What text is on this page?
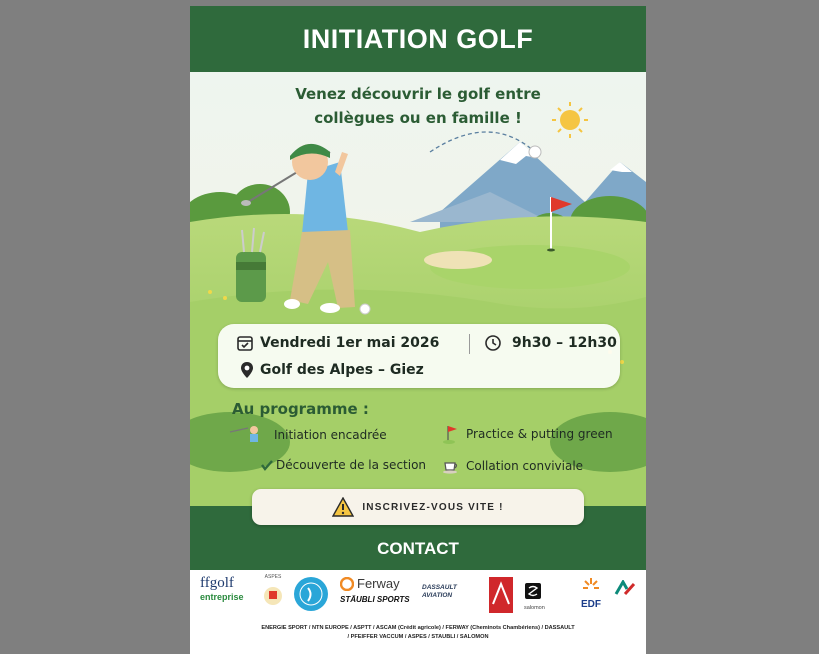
INITIATION GOLF
Venez découvrir le golf entre
collègues ou en famille !
Vendredi 1er mai 2026	9h30 – 12h30
Golf des Alpes – Giez
Au programme :
Initiation encadrée	Practice & putting green
Découverte de la section	Collation conviviale
CONTACT
INSCRIVEZ-VOUS VITE !
ffgolf
entreprise
ASPES	Ferway
STÄUBLI SPORTS
DASSAULT AVIATION
salomon	EDF
ENERGIE SPORT / NTN EUROPE / ASPTT / ASCAM (Crédit agricole) / FERWAY (Cheminots Chambériens) / DASSAULT
/ PFEIFFER VACCUM / ASPES / STAUBLI / SALOMON
